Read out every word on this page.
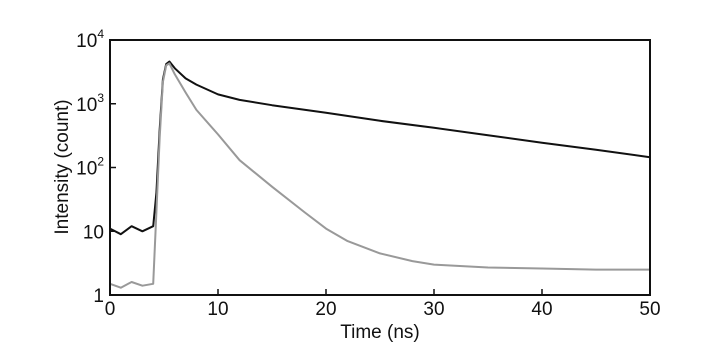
0	10	20	30	40	50
1
10
$10^2$
$10^3$
$10^4$
Time (ns)
Intensity (count)
